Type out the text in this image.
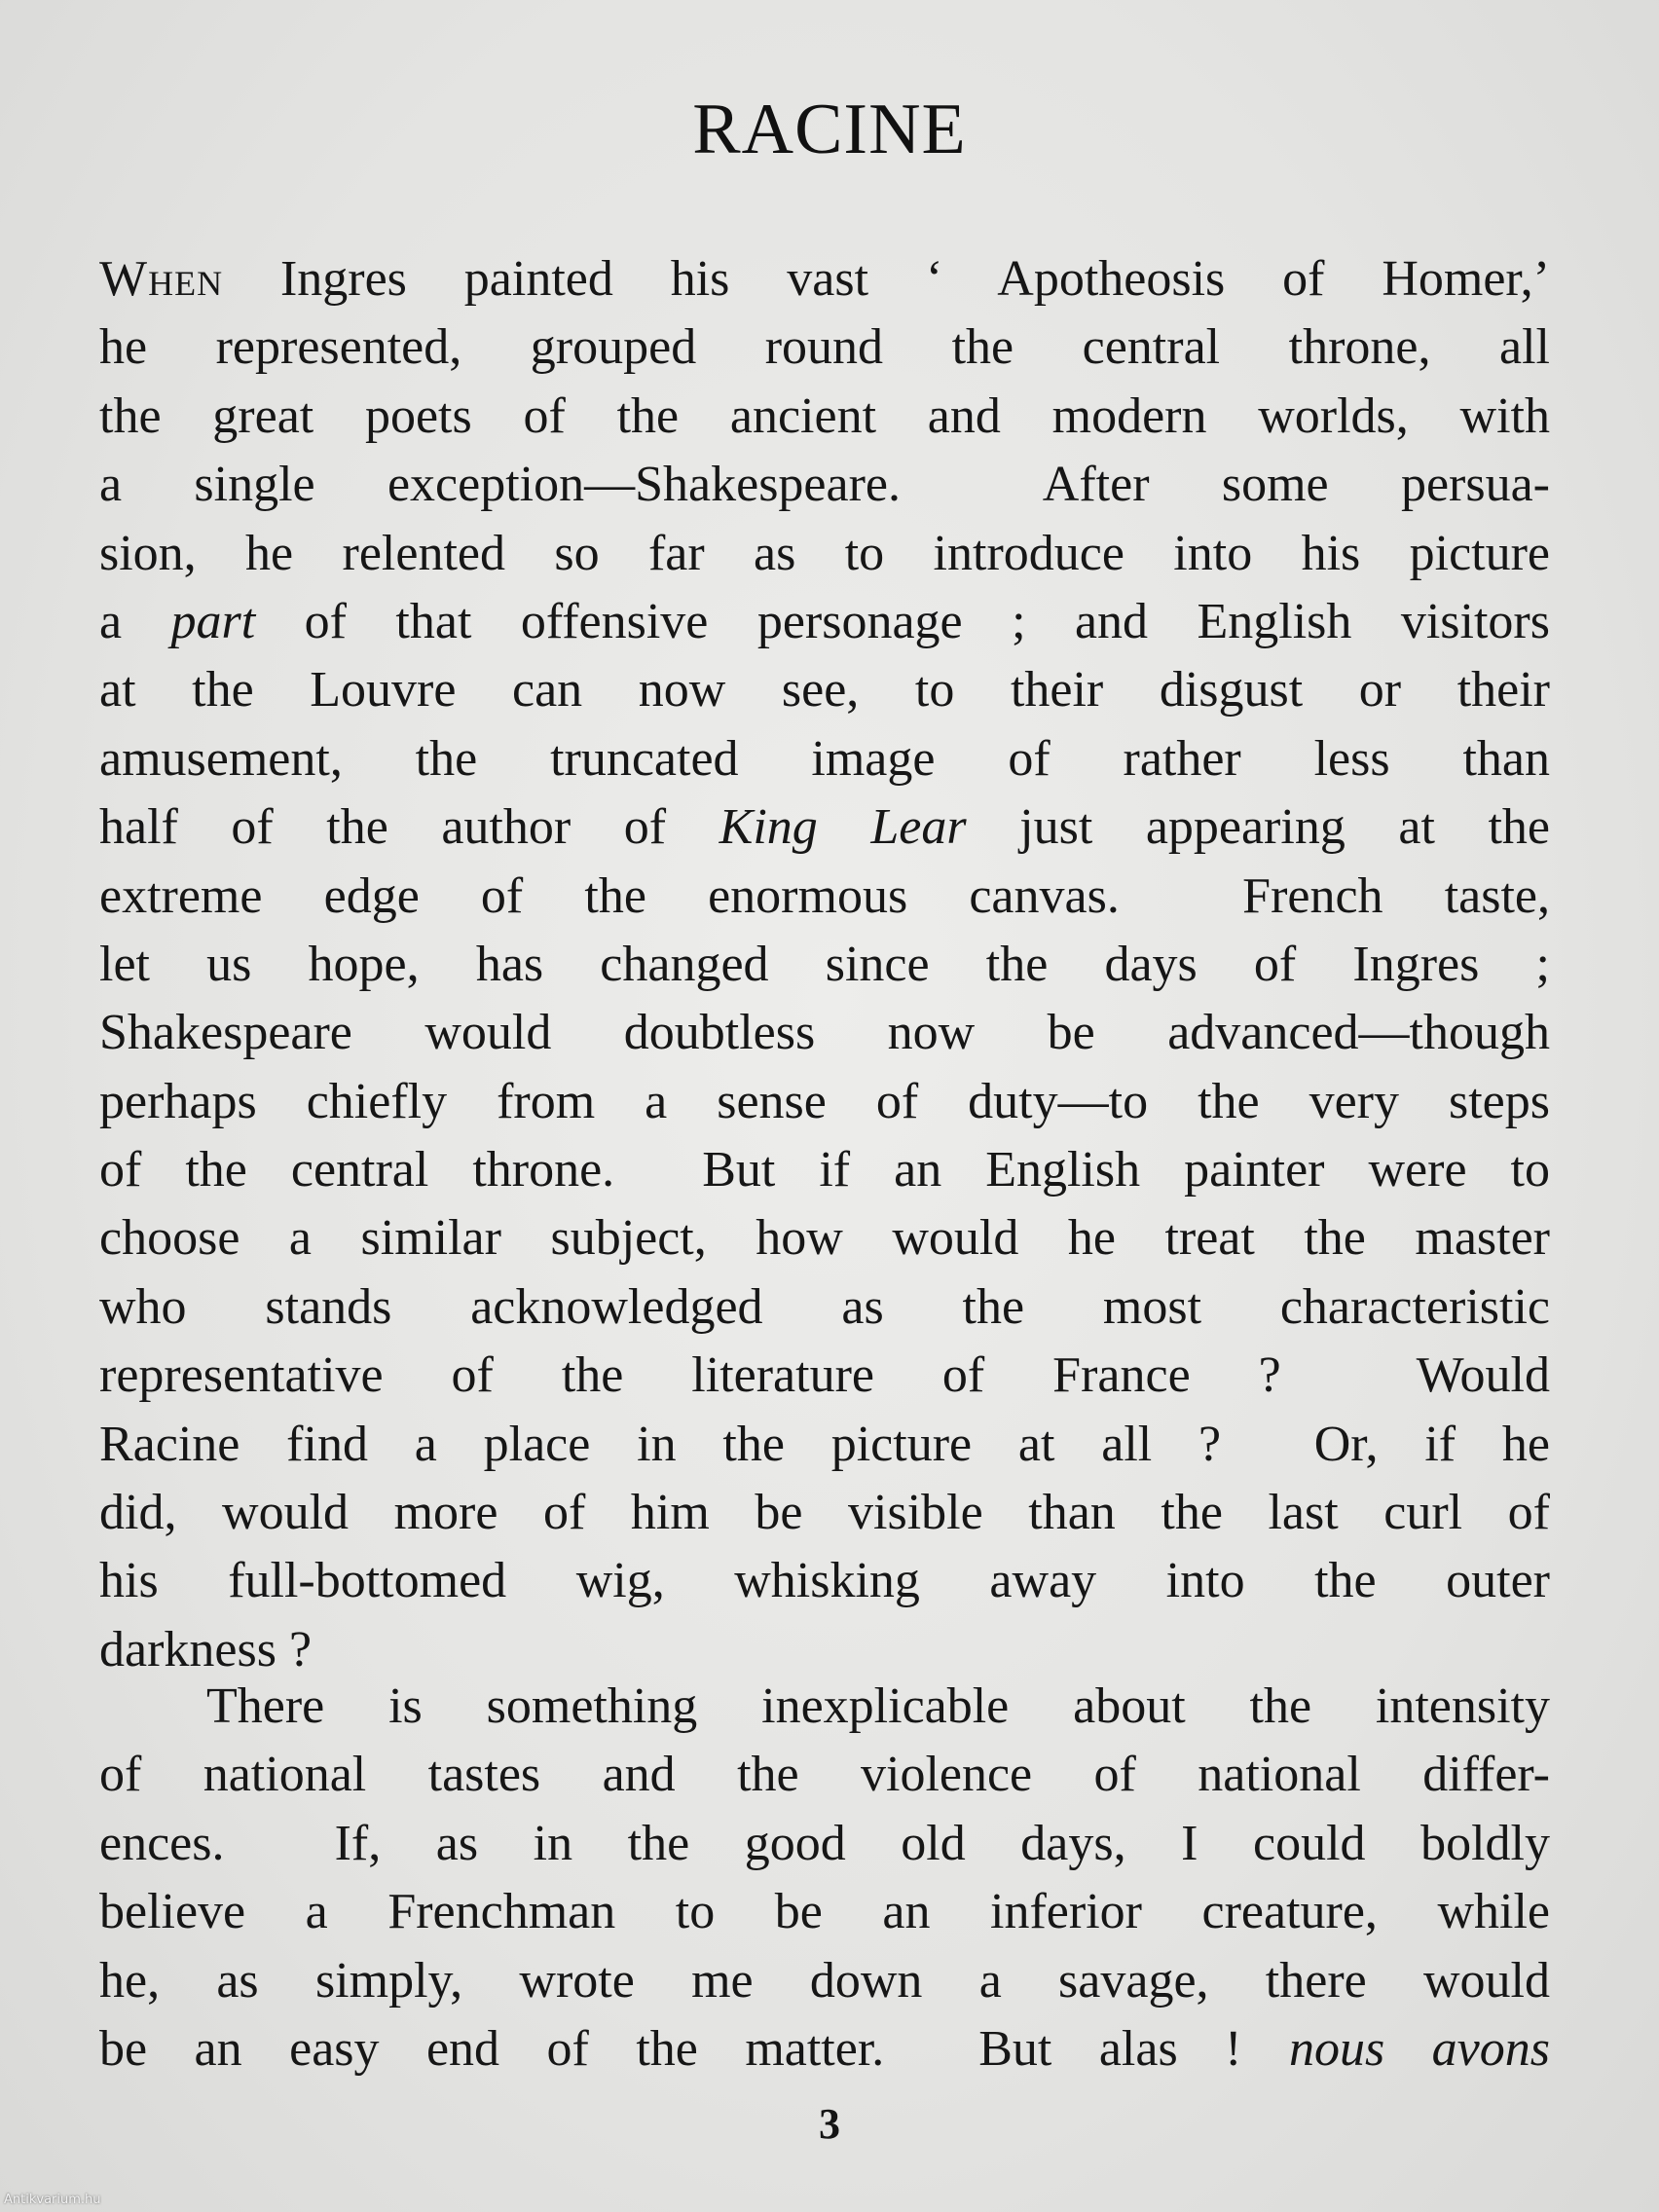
RACINE
When Ingres painted his vast ‘ Apotheosis of Homer,’
he represented, grouped round the central throne, all
the great poets of the ancient and modern worlds, with
a single exception—Shakespeare.  After some persua-
sion, he relented so far as to introduce into his picture
a part of that offensive personage ; and English visitors
at the Louvre can now see, to their disgust or their
amusement, the truncated image of rather less than
half of the author of King Lear just appearing at the
extreme edge of the enormous canvas.  French taste,
let us hope, has changed since the days of Ingres ;
Shakespeare would doubtless now be advanced—though
perhaps chiefly from a sense of duty—to the very steps
of the central throne.  But if an English painter were to
choose a similar subject, how would he treat the master
who stands acknowledged as the most characteristic
representative of the literature of France ?  Would
Racine find a place in the picture at all ?  Or, if he
did, would more of him be visible than the last curl of
his full-bottomed wig, whisking away into the outer
darkness ?
There is something inexplicable about the intensity
of national tastes and the violence of national differ-
ences.  If, as in the good old days, I could boldly
believe a Frenchman to be an inferior creature, while
he, as simply, wrote me down a savage, there would
be an easy end of the matter.  But alas ! nous avons
3
Antikvarium.hu
